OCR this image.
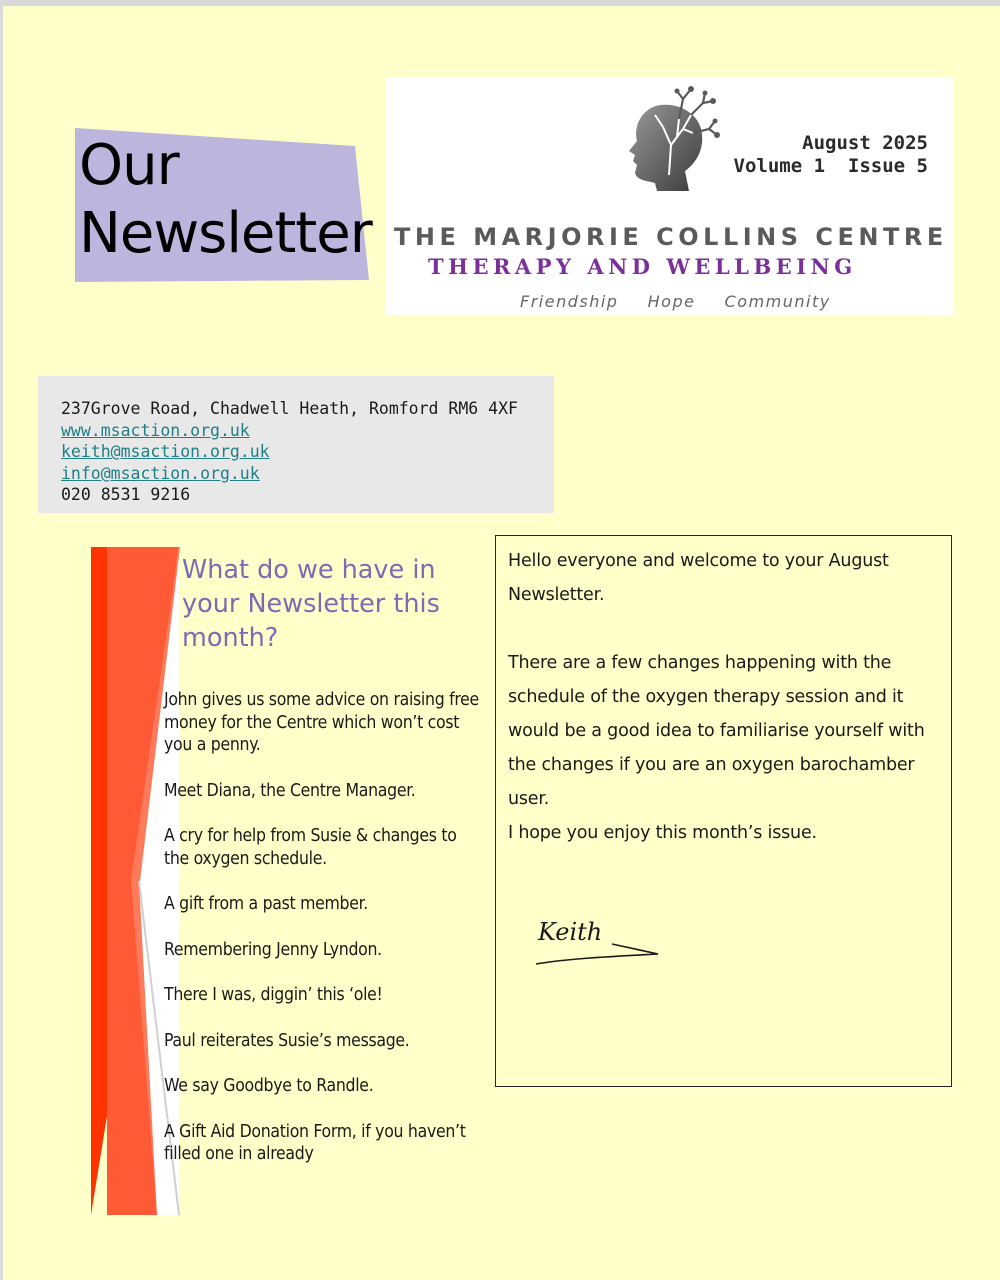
Our
Newsletter
August 2025
Volume 1  Issue 5
THE MARJORIE COLLINS CENTRE
THERAPY AND WELLBEING
Friendship  Hope  Community
237Grove Road, Chadwell Heath, Romford RM6 4XF
www.msaction.org.uk
keith@msaction.org.uk
info@msaction.org.uk
020 8531 9216
What do we have in your Newsletter this month?
John gives us some advice on raising free money for the Centre which won’t cost you a penny.
Meet Diana, the Centre Manager.
A cry for help from Susie & changes to the oxygen schedule.
A gift from a past member.
Remembering Jenny Lyndon.
There I was, diggin’ this ‘ole!
Paul reiterates Susie’s message.
We say Goodbye to Randle.
A Gift Aid Donation Form, if you haven’t filled one in already

Hello everyone and welcome to your August Newsletter.

There are a few changes happening with the schedule of the oxygen therapy session and it would be a good idea to familiarise yourself with the changes if you are an oxygen barochamber user.

I hope you enjoy this month’s issue.

Keith
